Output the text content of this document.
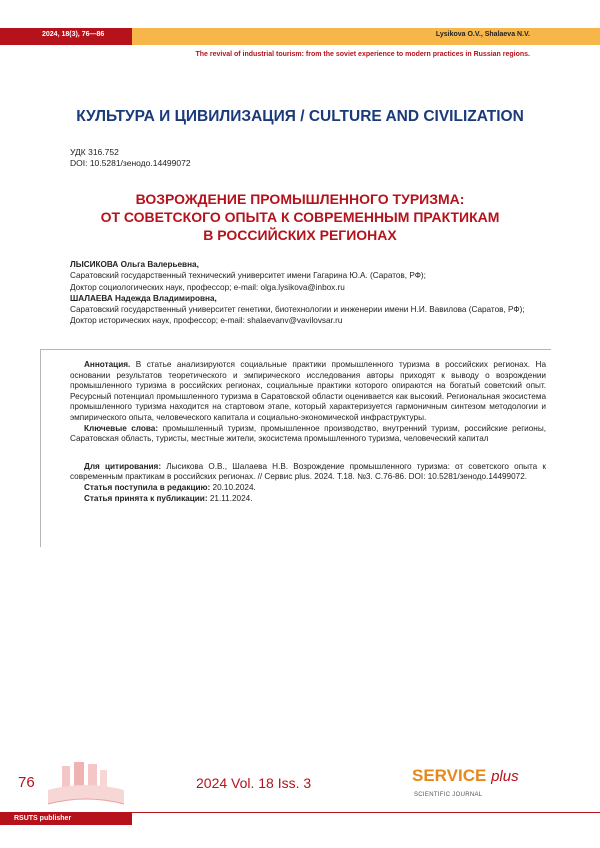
2024, 18(3), 76—86	Lysikova O.V., Shalaeva N.V.
The revival of industrial tourism: from the soviet experience to modern practices in Russian regions.
КУЛЬТУРА И ЦИВИЛИЗАЦИЯ / CULTURE AND CIVILIZATION
УДК 316.752
DOI: 10.5281/зенодо.14499072
ВОЗРОЖДЕНИЕ ПРОМЫШЛЕННОГО ТУРИЗМА:
ОТ СОВЕТСКОГО ОПЫТА К СОВРЕМЕННЫМ ПРАКТИКАМ
В РОССИЙСКИХ РЕГИОНАХ
ЛЫСИКОВА Ольга Валерьевна,
Саратовский государственный технический университет имени Гагарина Ю.А. (Саратов, РФ);
Доктор социологических наук, профессор; e-mail: olga.lysikova@inbox.ru
ШАЛАЕВА Надежда Владимировна,
Саратовский государственный университет генетики, биотехнологии и инженерии имени Н.И. Вавилова (Саратов, РФ);
Доктор исторических наук, профессор; e-mail: shalaevanv@vavilovsar.ru

Аннотация. В статье анализируются социальные практики промышленного туризма в российских регионах. На основании результатов теоретического и эмпирического исследования авторы приходят к выводу о возрождении промышленного туризма в российских регионах, социальные практики которого опираются на богатый советский опыт. Ресурсный потенциал промышленного туризма в Саратовской области оценивается как высокий. Региональная экосистема промышленного туризма находится на стартовом этапе, который характеризуется гармоничным синтезом методологии и эмпирического опыта, человеческого капитала и социально-экономической инфраструктуры.

Ключевые слова: промышленный туризм, промышленное производство, внутренний туризм, российские регионы, Саратовская область, туристы, местные жители, экосистема промышленного туризма, человеческий капитал

Для цитирования: Лысикова О.В., Шалаева Н.В. Возрождение промышленного туризма: от советского опыта к современным практикам в российских регионах. // Сервис plus. 2024. Т.18. №3. С.76-86. DOI: 10.5281/зенодо.14499072.

Статья поступила в редакцию: 20.10.2024.

Статья принята к публикации: 21.11.2024.

76	2024 Vol. 18 Iss. 3	SERVICE plus
SCIENTIFIC JOURNAL
RSUTS publisher
